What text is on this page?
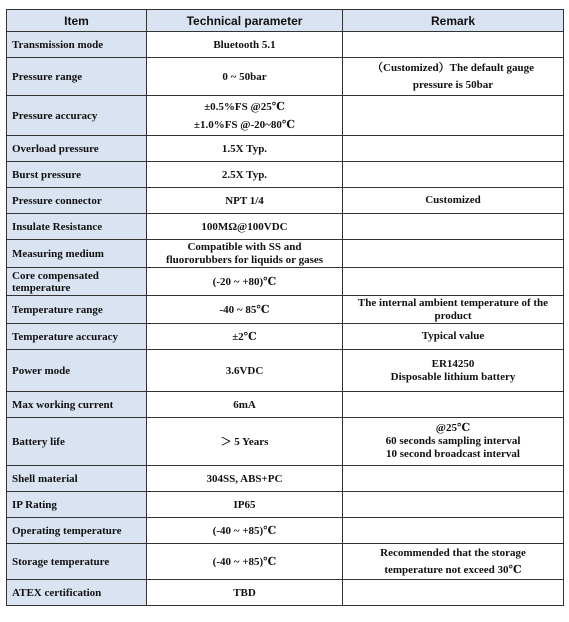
Item	Technical parameter	Remark
Transmission mode	Bluetooth 5.1	

Pressure range	0 ~ 50bar	（Customized）The default gauge
pressure is 50bar

Pressure accuracy	±0.5%FS @25℃
±1.0%FS @-20~80℃	

Overload pressure	1.5X Typ.	

Burst pressure	2.5X Typ.	

Pressure connector	NPT 1/4	Customized

Insulate Resistance	100MΩ@100VDC	

Measuring medium	Compatible with SS and
fluororubbers for liquids or gases	

Core compensated temperature	(-20 ~ +80)℃	

Temperature range	-40 ~ 85℃	The internal ambient temperature of the
product

Temperature accuracy	±2℃	Typical value

Power mode	3.6VDC	ER14250
Disposable lithium battery

Max working current	6mA	

Battery life	＞ 5 Years	@25℃
60 seconds sampling interval
10 second broadcast interval

Shell material	304SS, ABS+PC	

IP Rating	IP65	

Operating temperature	(-40 ~ +85)℃	

Storage temperature	(-40 ~ +85)℃	Recommended that the storage
temperature not exceed 30℃

ATEX certification	TBD	
